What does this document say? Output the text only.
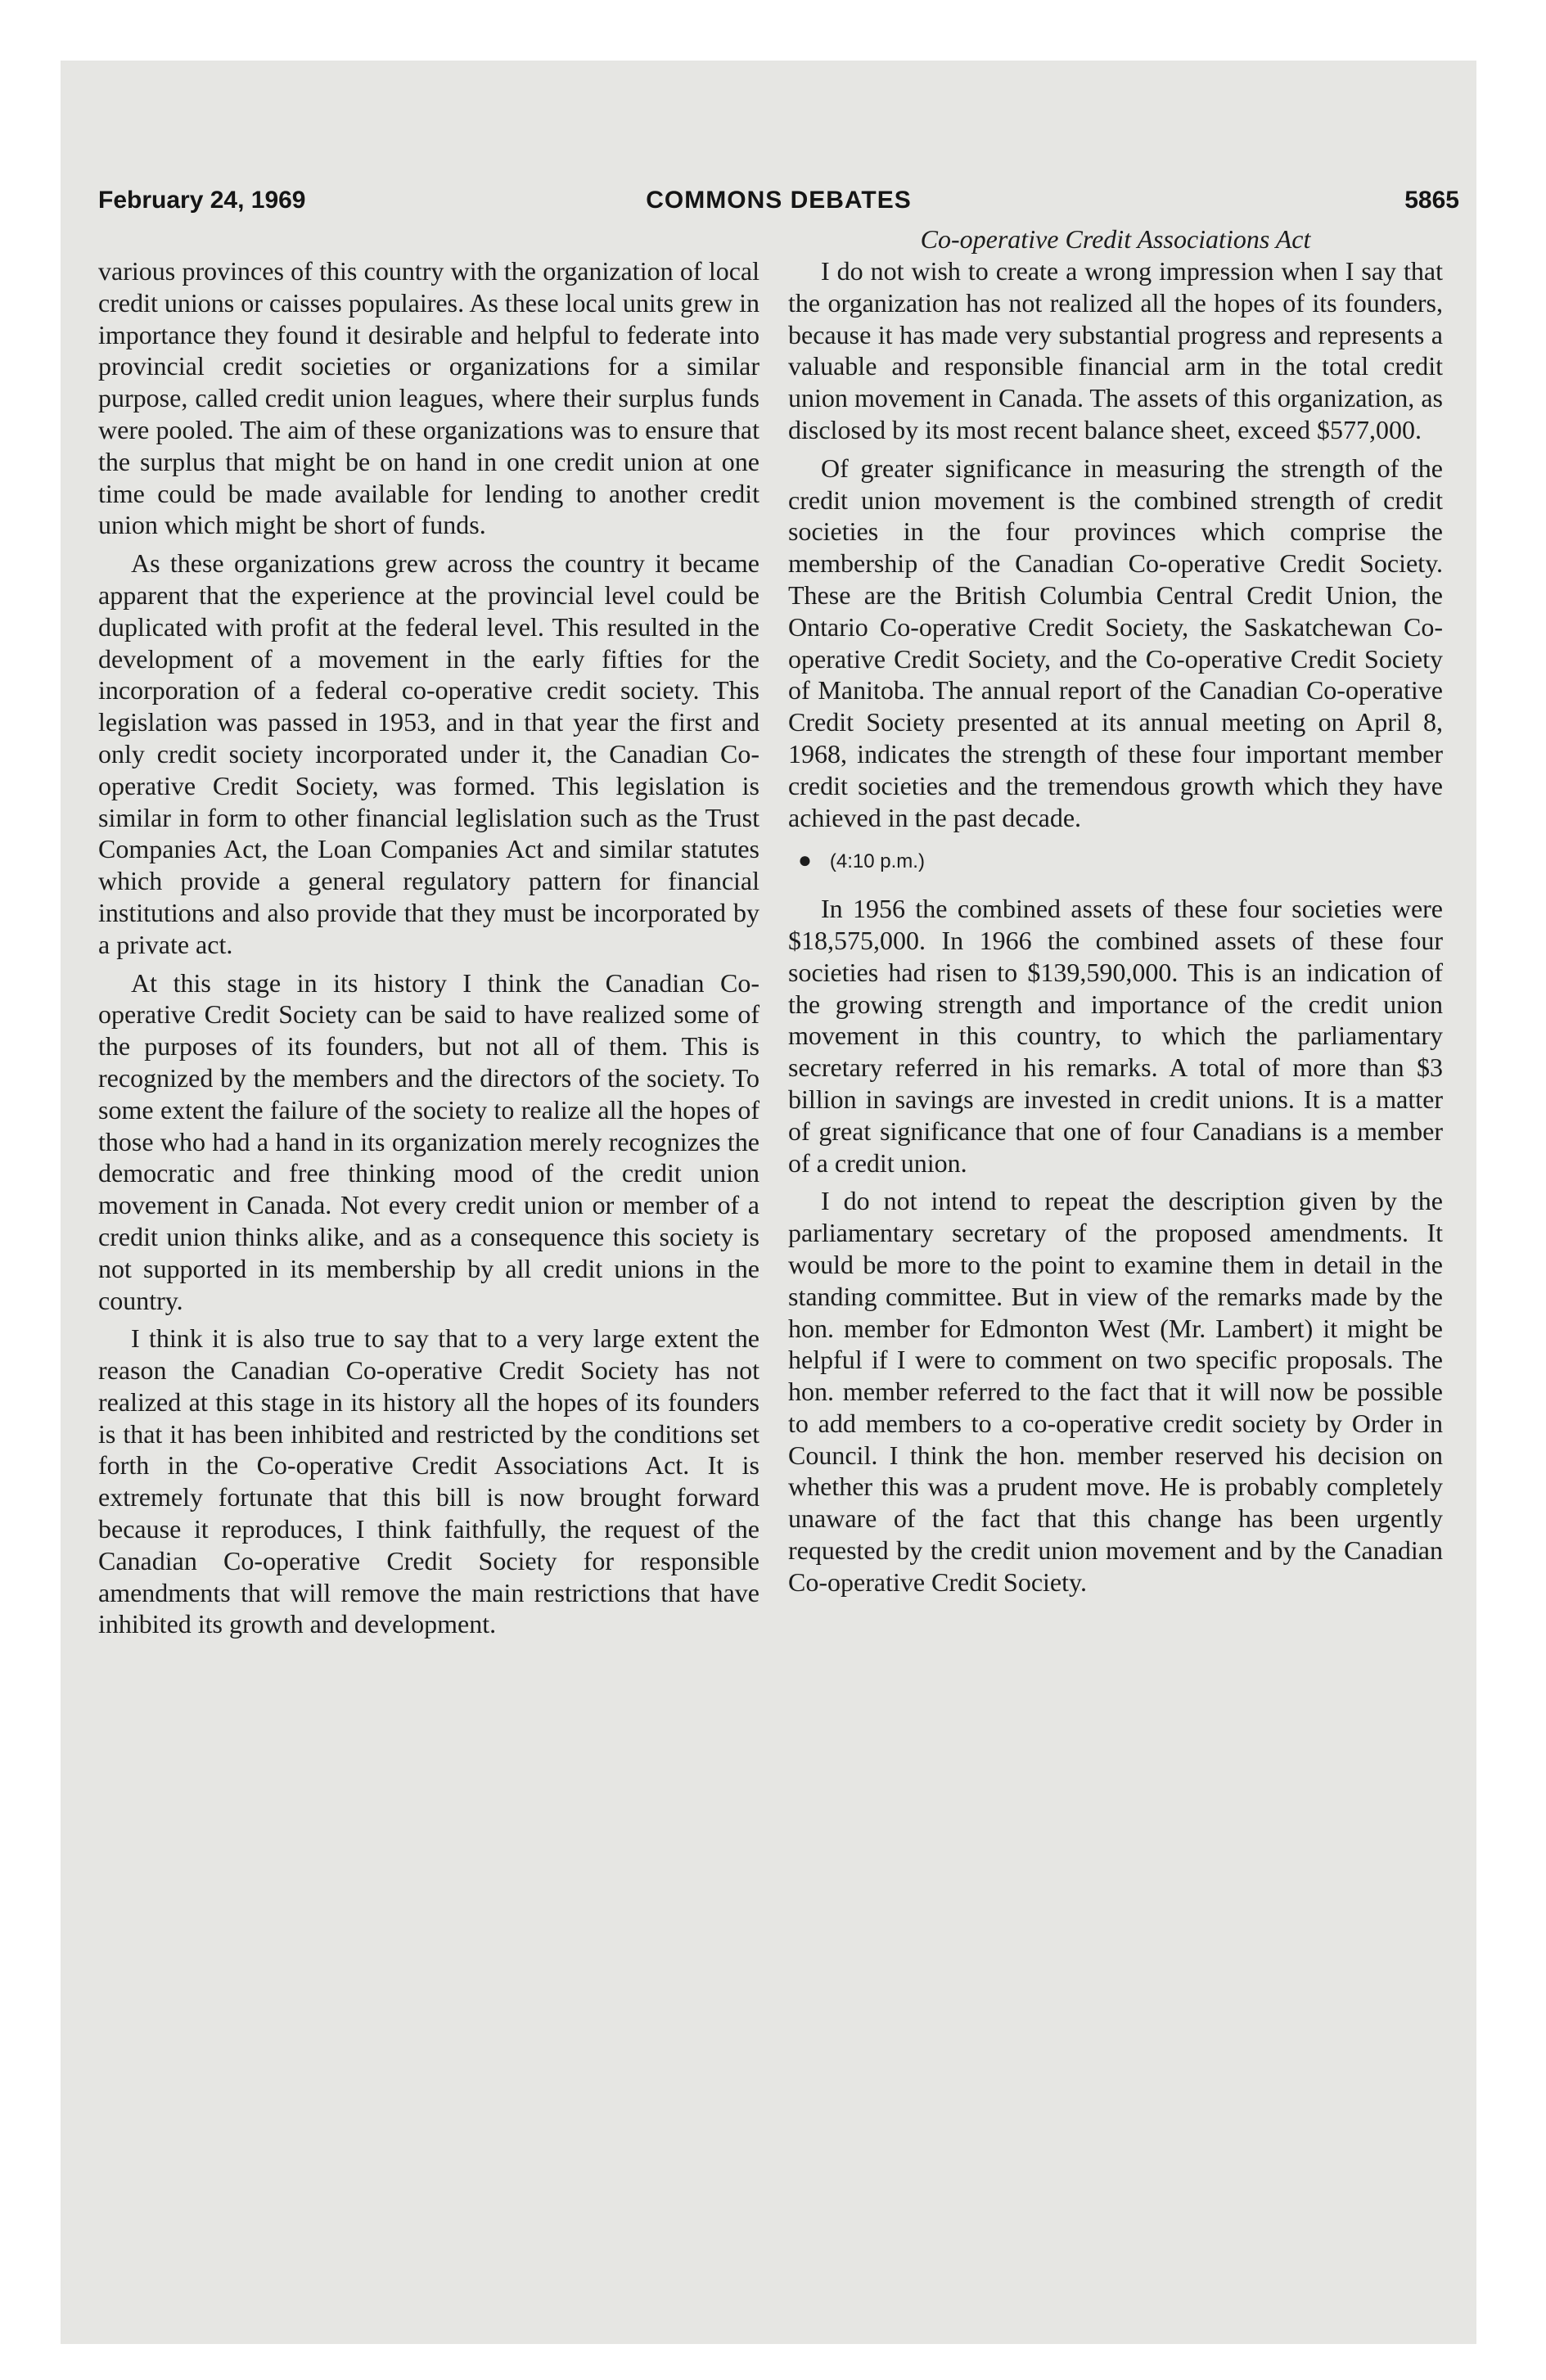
February 24, 1969	COMMONS DEBATES	5865

various provinces of this country with the organization of local credit unions or caisses populaires. As these local units grew in importance they found it desirable and helpful to federate into provincial credit societies or organizations for a similar purpose, called credit union leagues, where their surplus funds were pooled. The aim of these organizations was to ensure that the surplus that might be on hand in one credit union at one time could be made available for lending to another credit union which might be short of funds.

As these organizations grew across the country it became apparent that the experience at the provincial level could be duplicated with profit at the federal level. This resulted in the development of a movement in the early fifties for the incorporation of a federal co-operative credit society. This legislation was passed in 1953, and in that year the first and only credit society incorporated under it, the Canadian Co-operative Credit Society, was formed. This legislation is similar in form to other financial leglislation such as the Trust Companies Act, the Loan Companies Act and similar statutes which provide a general regulatory pattern for financial institutions and also provide that they must be incorporated by a private act.

At this stage in its history I think the Canadian Co-operative Credit Society can be said to have realized some of the purposes of its founders, but not all of them. This is recognized by the members and the directors of the society. To some extent the failure of the society to realize all the hopes of those who had a hand in its organization merely recognizes the democratic and free thinking mood of the credit union movement in Canada. Not every credit union or member of a credit union thinks alike, and as a consequence this society is not supported in its membership by all credit unions in the country.

I think it is also true to say that to a very large extent the reason the Canadian Co-operative Credit Society has not realized at this stage in its history all the hopes of its founders is that it has been inhibited and restricted by the conditions set forth in the Co-operative Credit Associations Act. It is extremely fortunate that this bill is now brought forward because it reproduces, I think faithfully, the request of the Canadian Co-operative Credit Society for responsible amendments that will remove the main restrictions that have inhibited its growth and development.

Co-operative Credit Associations Act

I do not wish to create a wrong impression when I say that the organization has not realized all the hopes of its founders, because it has made very substantial progress and represents a valuable and responsible financial arm in the total credit union movement in Canada. The assets of this organization, as disclosed by its most recent balance sheet, exceed $577,000.

Of greater significance in measuring the strength of the credit union movement is the combined strength of credit societies in the four provinces which comprise the membership of the Canadian Co-operative Credit Society. These are the British Columbia Central Credit Union, the Ontario Co-operative Credit Society, the Saskatchewan Co-operative Credit Society, and the Co-operative Credit Society of Manitoba. The annual report of the Canadian Co-operative Credit Society presented at its annual meeting on April 8, 1968, indicates the strength of these four important member credit societies and the tremendous growth which they have achieved in the past decade.

● (4:10 p.m.)

In 1956 the combined assets of these four societies were $18,575,000. In 1966 the combined assets of these four societies had risen to $139,590,000. This is an indication of the growing strength and importance of the credit union movement in this country, to which the parliamentary secretary referred in his remarks. A total of more than $3 billion in savings are invested in credit unions. It is a matter of great significance that one of four Canadians is a member of a credit union.

I do not intend to repeat the description given by the parliamentary secretary of the proposed amendments. It would be more to the point to examine them in detail in the standing committee. But in view of the remarks made by the hon. member for Edmonton West (Mr. Lambert) it might be helpful if I were to comment on two specific proposals. The hon. member referred to the fact that it will now be possible to add members to a co-operative credit society by Order in Council. I think the hon. member reserved his decision on whether this was a prudent move. He is probably completely unaware of the fact that this change has been urgently requested by the credit union movement and by the Canadian Co-operative Credit Society.
